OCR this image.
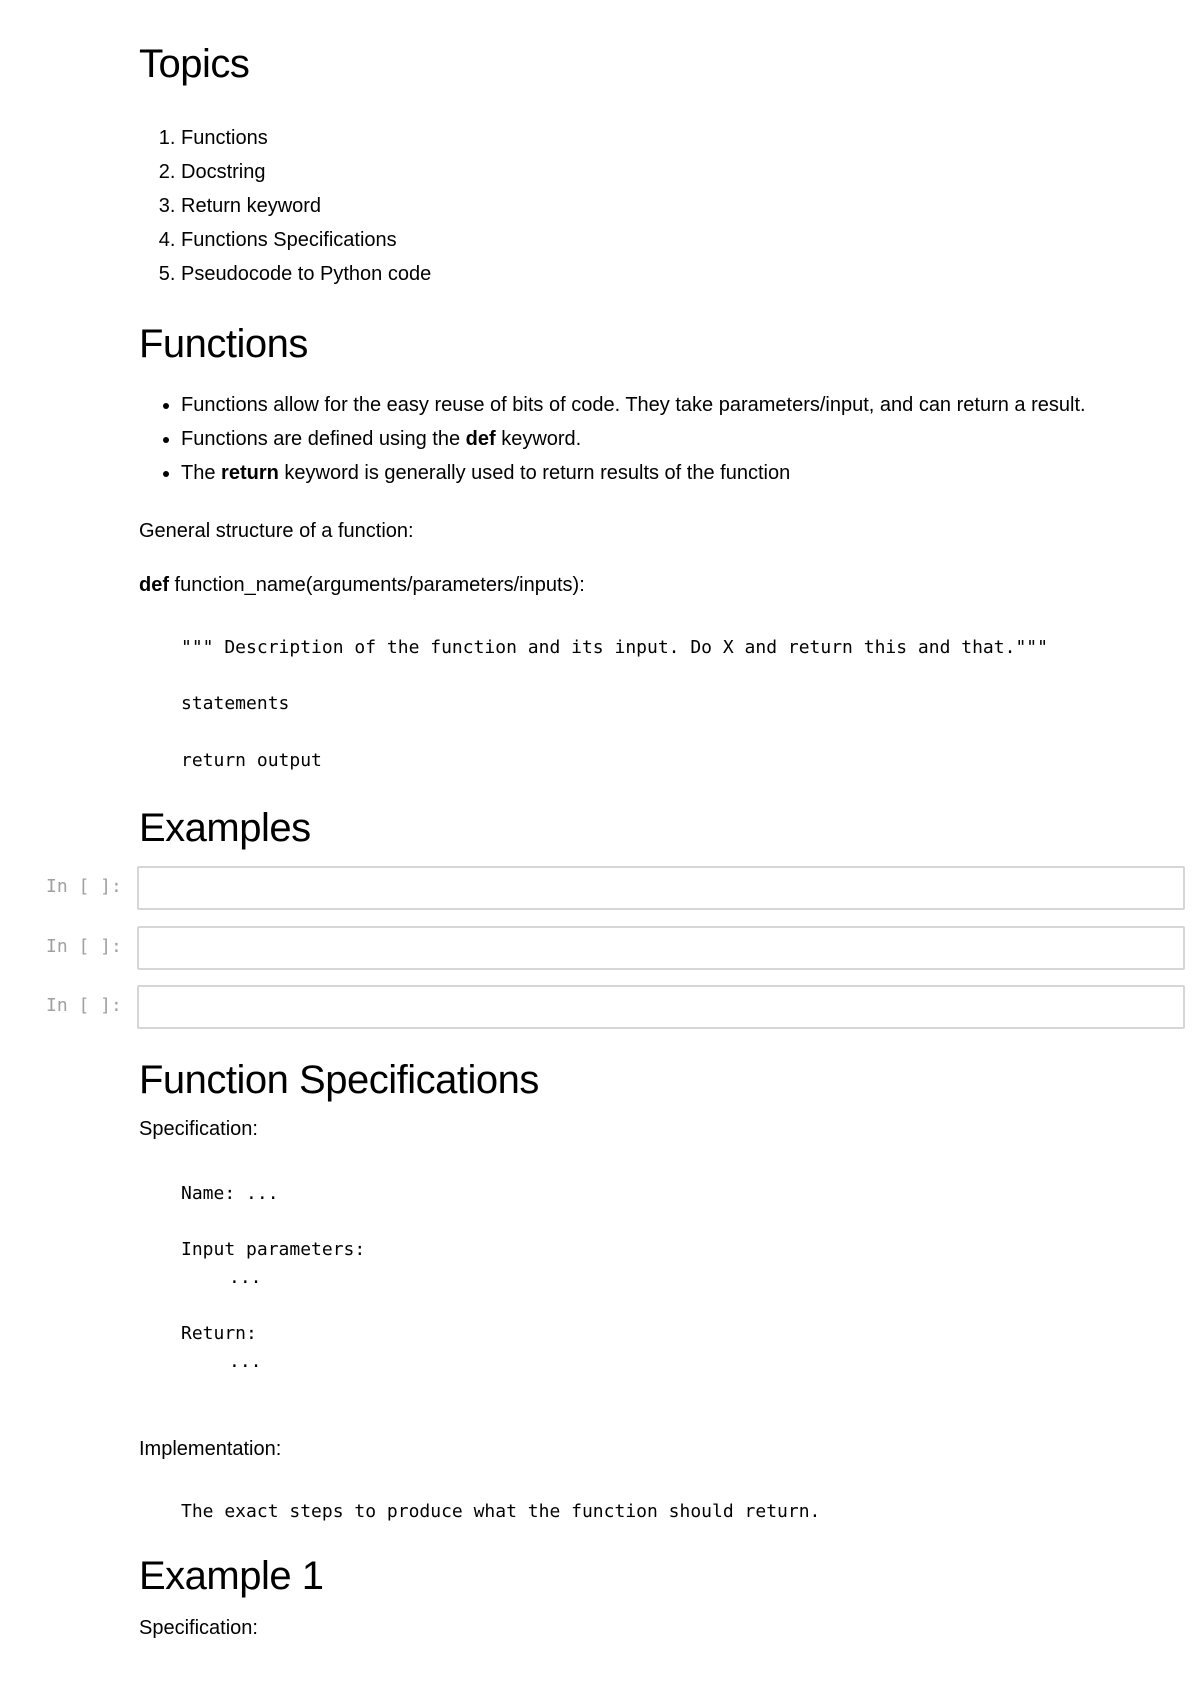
Topics
1. Functions
2. Docstring
3. Return keyword
4. Functions Specifications
5. Pseudocode to Python code
Functions
• Functions allow for the easy reuse of bits of code. They take parameters/input, and can return a result.
• Functions are defined using the def keyword.
• The return keyword is generally used to return results of the function

General structure of a function:

def function_name(arguments/parameters/inputs):

""" Description of the function and its input. Do X and return this and that."""
statements
return output
Examples
In [ ]:
In [ ]:
In [ ]:
Function Specifications

Specification:

Name: ...
Input parameters:
...
Return:
...

Implementation:

The exact steps to produce what the function should return.
Example 1

Specification:
